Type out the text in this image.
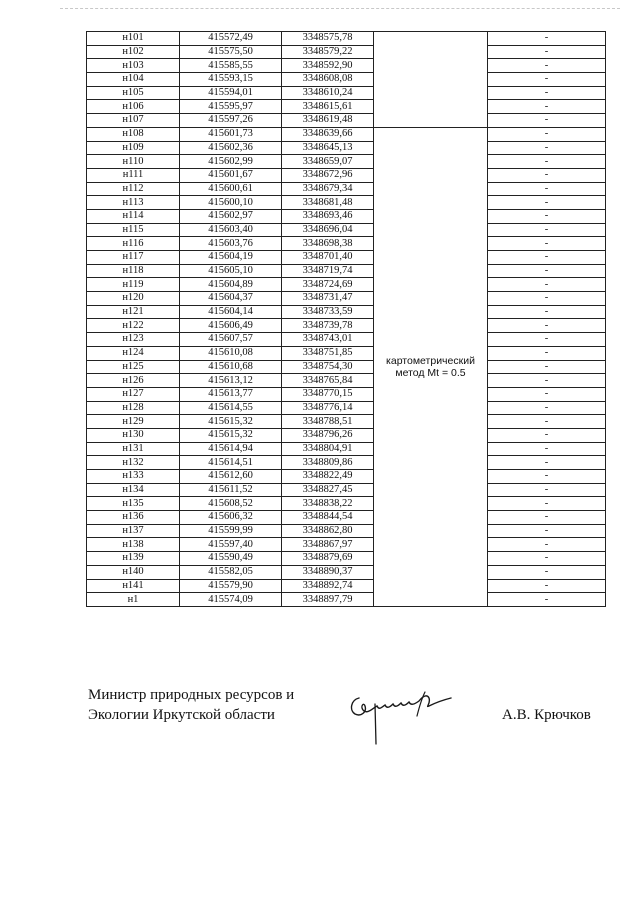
н101	415572,49	3348575,78		-
н102	415575,50	3348579,22		-
н103	415585,55	3348592,90		-
н104	415593,15	3348608,08		-
н105	415594,01	3348610,24		-
н106	415595,97	3348615,61		-
н107	415597,26	3348619,48		-
н108	415601,73	3348639,66	картометрический метод Mt = 0.5	-
н109	415602,36	3348645,13		-
н110	415602,99	3348659,07		-
н111	415601,67	3348672,96		-
н112	415600,61	3348679,34		-
н113	415600,10	3348681,48		-
н114	415602,97	3348693,46		-
н115	415603,40	3348696,04		-
н116	415603,76	3348698,38		-
н117	415604,19	3348701,40		-
н118	415605,10	3348719,74		-
н119	415604,89	3348724,69		-
н120	415604,37	3348731,47		-
н121	415604,14	3348733,59		-
н122	415606,49	3348739,78		-
н123	415607,57	3348743,01		-
н124	415610,08	3348751,85		-
н125	415610,68	3348754,30		-
н126	415613,12	3348765,84		-
н127	415613,77	3348770,15		-
н128	415614,55	3348776,14		-
н129	415615,32	3348788,51		-
н130	415615,32	3348796,26		-
н131	415614,94	3348804,91		-
н132	415614,51	3348809,86		-
н133	415612,60	3348822,49		-
н134	415611,52	3348827,45		-
н135	415608,52	3348838,22		-
н136	415606,32	3348844,54		-
н137	415599,99	3348862,80		-
н138	415597,40	3348867,97		-
н139	415590,49	3348879,69		-
н140	415582,05	3348890,37		-
н141	415579,90	3348892,74		-
н1	415574,09	3348897,79		-
Министр природных ресурсов и
Экологии Иркутской области	А.В. Крючков
